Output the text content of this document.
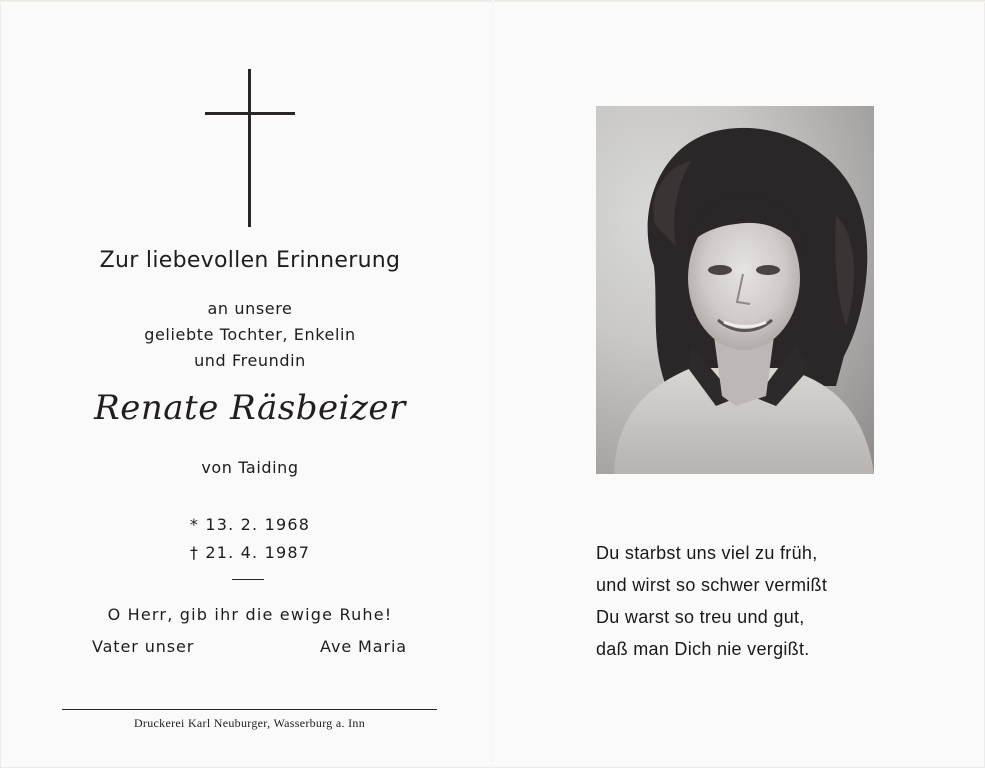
Zur liebevollen Erinnerung
an unsere
geliebte Tochter, Enkelin
und Freundin
Renate Räsbeizer
von Taiding
* 13. 2. 1968
† 21. 4. 1987
O Herr, gib ihr die ewige Ruhe!
Vater unser	Ave Maria
Druckerei Karl Neuburger, Wasserburg a. Inn
Du starbst uns viel zu früh,
und wirst so schwer vermißt
Du warst so treu und gut,
daß man Dich nie vergißt.
